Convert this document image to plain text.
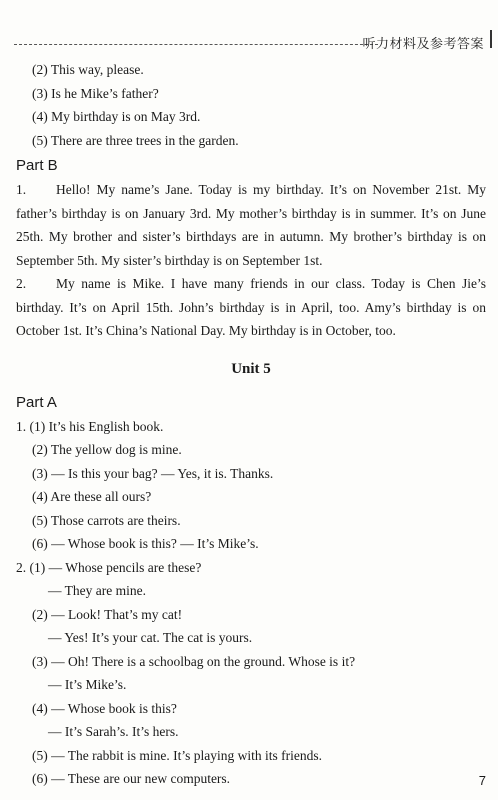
听力材料及参考答案
(2) This way, please.
(3) Is he Mike’s father?
(4) My birthday is on May 3rd.
(5) There are three trees in the garden.
Part B
1.	Hello! My name’s Jane. Today is my birthday. It’s on November 21st. My father’s birthday is on January 3rd. My mother’s birthday is in summer. It’s on June 25th. My brother and sister’s birthdays are in autumn. My brother’s birthday is on September 5th. My sister’s birthday is on September 1st.
2.	My name is Mike. I have many friends in our class. Today is Chen Jie’s birthday. It’s on April 15th. John’s birthday is in April, too. Amy’s birthday is on October 1st. It’s China’s National Day. My birthday is in October, too.
Unit 5
Part A
1. (1) It’s his English book.
(2) The yellow dog is mine.
(3) — Is this your bag? — Yes, it is. Thanks.
(4) Are these all ours?
(5) Those carrots are theirs.
(6) — Whose book is this? — It’s Mike’s.
2. (1) — Whose pencils are these?
— They are mine.
(2) — Look! That’s my cat!
— Yes! It’s your cat. The cat is yours.
(3) — Oh! There is a schoolbag on the ground. Whose is it?
— It’s Mike’s.
(4) — Whose book is this?
— It’s Sarah’s. It’s hers.
(5) — The rabbit is mine. It’s playing with its friends.
(6) — These are our new computers.	7
